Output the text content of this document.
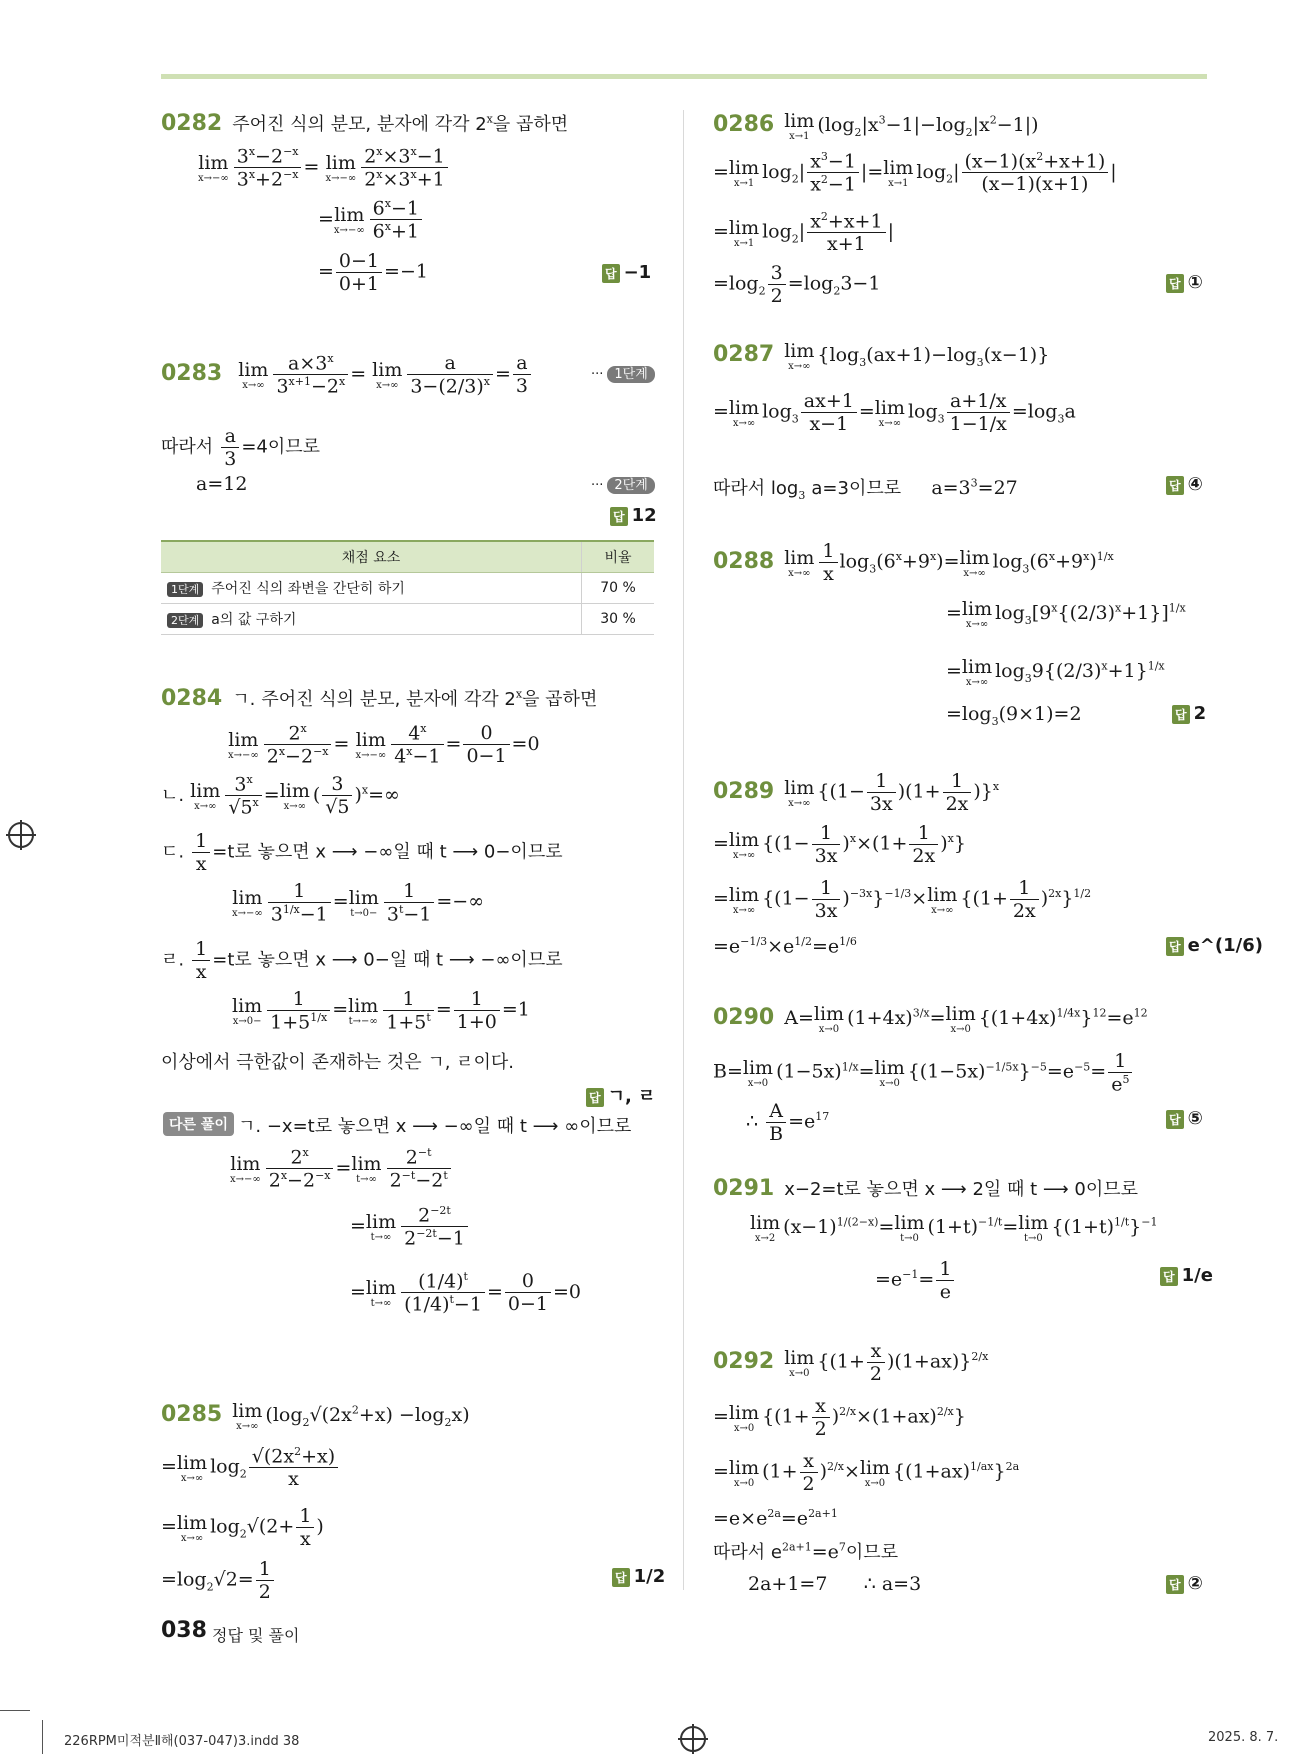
0282 주어진 식의 분모, 분자에 각각 2$^x$을 곱하면
lim
$x\to-\infty \frac{3^x-2^{-x}}{3^x+2^{-x}} = \lim$
$x\to-\infty \frac{2^x\times 3^x-1}{2^x\times 3^x+1}$
=lim
$x\to-\infty \frac{6^x-1}{6^x+1}$
= $\frac{0-1}{0+1} =-1$	답 −1
0283 lim
$x\to\infty \frac{a\times 3^x}{3^{x+1}-2^x} = \lim$
$x\to\infty \frac{a}{3-(2/3)^x} = \frac{a}{3}$	··· 1단계
따라서 $\frac{a}{3} =4$이므로
a=12	··· 2단계
답 12
채점 요소	비율
1단계 주어진 식의 좌변을 간단히 하기	70 %
2단계 a의 값 구하기	30 %
0284 ㄱ. 주어진 식의 분모, 분자에 각각 2$^x$을 곱하면
lim
$x\to-\infty \frac{2^x}{2^x-2^{-x}} = \lim$
$x\to-\infty \frac{4^x}{4^x-1} = \frac{0}{0-1} =0$
ㄴ. lim
$x\to\infty \frac{3^x}{√5^x} =\lim$
x→∞
( $\frac{3}{√5} )^x=\infty$
ㄷ. $\frac{1}{x} =t$로 놓으면 x ⟶ −∞일 때 t ⟶ 0−이므로
lim
$x\to-\infty \frac{1}{3^{1/x}-1} =\lim$
$t\to 0- \frac{1}{3^t-1}$ =−∞
ㄹ. $\frac{1}{x} =t$로 놓으면 x ⟶ 0−일 때 t ⟶ −∞이므로
lim
$x\to 0- \frac{1}{1+5^{1/x}} =\lim$
$t\to-\infty \frac{1}{1+5^t} = \frac{1}{1+0} =1$
이상에서 극한값이 존재하는 것은 ㄱ, ㄹ이다.
답 ㄱ, ㄹ
다른 풀이 ㄱ. −x=t로 놓으면 x ⟶ −∞일 때 t ⟶ ∞이므로
lim
$x\to-\infty \frac{2^x}{2^x-2^{-x}} =\lim$
$t\to\infty \frac{2^{-t}}{2^{-t}-2^t}$
=lim
$t\to\infty \frac{2^{-2t}}{2^{-2t}-1}$
=lim
$t\to\infty \frac{(1/4)^t}{(1/4)^t-1} = \frac{0}{0-1} =0$
0285 lim
x→∞
$(\log_2√(2x^2+x) -\log_2x)$
=lim
x→∞
$\log_2 \frac{√(2x^2+x)}{x}$
=lim
x→∞
$\log_2√(2+ \frac{1}{x}$ )
$=\log_2√2= \frac{1}{2}$	답 1/2
0286 lim
x→1
$(\log_2|x^3-1|-\log_2|x^2-1|)$
=lim
x→1
$\log_2| \frac{x^3-1}{x^2-1} |=\lim$
x→1
$\log_2| \frac{(x-1)(x^2+x+1)}{(x-1)(x+1)}$ |
=lim
x→1
$\log_2| \frac{x^2+x+1}{x+1}$ |
$=\log_2 \frac{3}{2} =\log_23-1$	답 ①
0287 lim
x→∞
$\{\log_3(ax+1)-\log_3(x-1)\}$
=lim
x→∞
$\log_3 \frac{ax+1}{x-1} =\lim$
x→∞
$\log_3 \frac{a+1/x}{1-1/x} =\log_3a$
따라서 $\log_3 a=3$이므로 $a=3^3=27$	답 ④
0288 lim
$x\to\infty \frac{1}{x} \log_3(6^x+9^x)=\lim$
x→∞
$\log_3(6^x+9^x)^{1/x}$
=lim
x→∞
$\log_3[9^x\{(2/3)^x+1\}]^{1/x}$
=lim
x→∞
$\log_39\{(2/3)^x+1\}^{1/x}$
$=\log_3(9\times 1)=2$	답 2
0289 lim
x→∞
$\{(1- \frac{1}{3x} )(1+ \frac{1}{2x} )\}^x$
=lim
x→∞
$\{(1- \frac{1}{3x} )^x\times(1+ \frac{1}{2x} )^x\}$
=lim
x→∞
$\{(1- \frac{1}{3x} )^{-3x}\}^{-1/3}\times\lim$
x→∞
$\{(1+ \frac{1}{2x} )^{2x}\}^{1/2}$
$=e^{-1/3}\times e^{1/2}=e^{1/6}$	답 e^(1/6)
0290 A=lim
x→0
$(1+4x)^{3/x}=\lim$
x→0
$\{(1+4x)^{1/4x}\}^{12}=e^{12}$
B=lim
x→0
$(1-5x)^{1/x}=\lim$
x→0
$\{(1-5x)^{-1/5x}\}^{-5}=e^{-5}= \frac{1}{e^5}$
∴ $\frac{A}{B} =e^{17}$	답 ⑤
0291 x−2=t로 놓으면 x ⟶ 2일 때 t ⟶ 0이므로
lim
x→2
$(x-1)^{1/(2-x)}=\lim$
t→0
$(1+t)^{-1/t}=\lim$
t→0
$\{(1+t)^{1/t}\}^{-1}$
$=e^{-1}= \frac{1}{e}$	답 1/e
0292 lim
x→0
$\{(1+ \frac{x}{2} )(1+ax)\}^{2/x}$
=lim
x→0
$\{(1+ \frac{x}{2} )^{2/x}\times(1+ax)^{2/x}\}$
=lim
x→0
$(1+ \frac{x}{2} )^{2/x}\times\lim$
x→0
$\{(1+ax)^{1/ax}\}^{2a}$
$=e\times e^{2a}=e^{2a+1}$
따라서 $e^{2a+1}=e^7$이므로
2a+1=7 ∴ a=3	답 ②
038 정답 및 풀이
226RPM미적분Ⅱ해(037-047)3.indd 38	2025. 8. 7.
